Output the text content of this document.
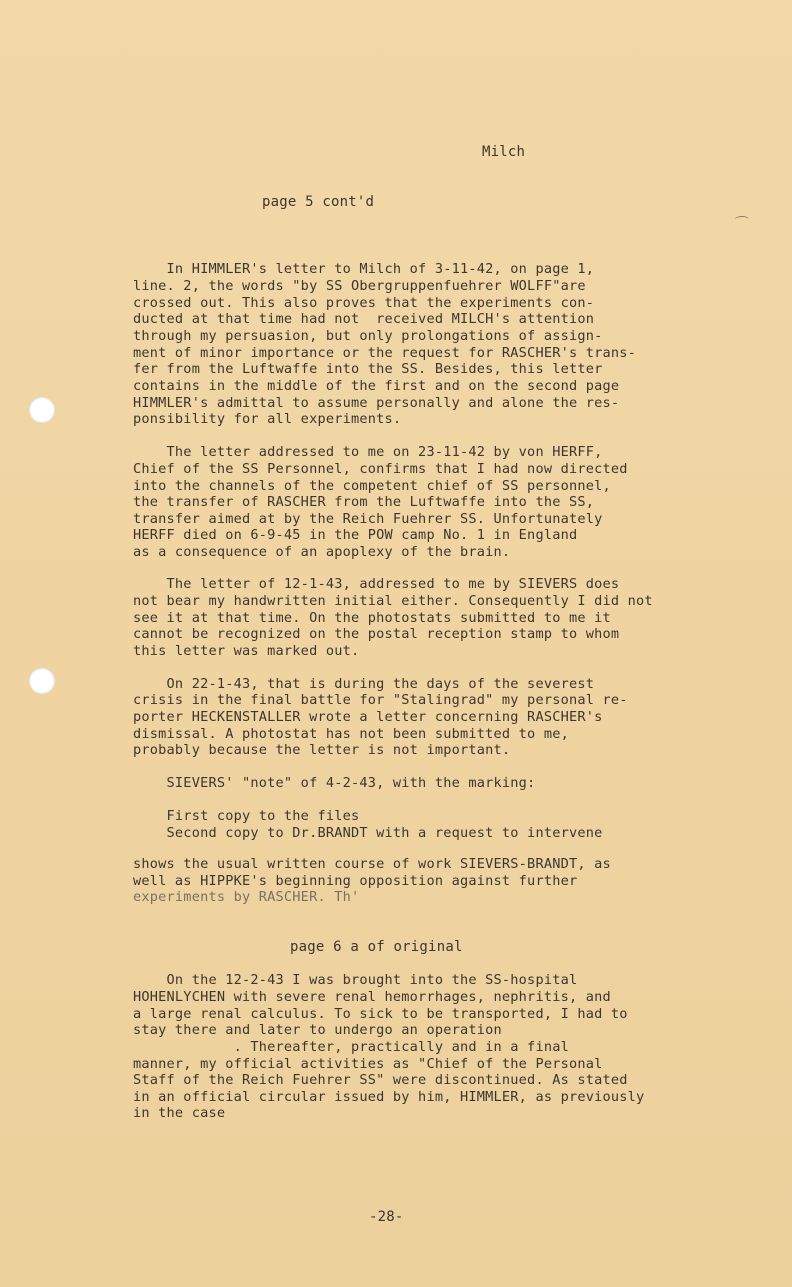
Milch
page 5 cont'd
In HIMMLER's letter to Milch of 3-11-42, on page 1,
line. 2, the words "by SS Obergruppenfuehrer WOLFF"are
crossed out. This also proves that the experiments con-
ducted at that time had not  received MILCH's attention
through my persuasion, but only prolongations of assign-
ment of minor importance or the request for RASCHER's trans-
fer from the Luftwaffe into the SS. Besides, this letter
contains in the middle of the first and on the second page
HIMMLER's admittal to assume personally and alone the res-
ponsibility for all experiments.
The letter addressed to me on 23-11-42 by von HERFF,
Chief of the SS Personnel, confirms that I had now directed
into the channels of the competent chief of SS personnel,
the transfer of RASCHER from the Luftwaffe into the SS,
transfer aimed at by the Reich Fuehrer SS. Unfortunately
HERFF died on 6-9-45 in the POW camp No. 1 in England
as a consequence of an apoplexy of the brain.
The letter of 12-1-43, addressed to me by SIEVERS does
not bear my handwritten initial either. Consequently I did not
see it at that time. On the photostats submitted to me it
cannot be recognized on the postal reception stamp to whom
this letter was marked out.
On 22-1-43, that is during the days of the severest
crisis in the final battle for "Stalingrad" my personal re-
porter HECKENSTALLER wrote a letter concerning RASCHER's
dismissal. A photostat has not been submitted to me,
probably because the letter is not important.
SIEVERS' "note" of 4-2-43, with the marking:
First copy to the files
Second copy to Dr.BRANDT with a request to intervene
shows the usual written course of work SIEVERS-BRANDT, as
well as HIPPKE's beginning opposition against further
experiments by RASCHER. Th'
page 6 a of original
On the 12-2-43 I was brought into the SS-hospital
HOHENLYCHEN with severe renal hemorrhages, nephritis, and
a large renal calculus. To sick to be transported, I had to
stay there and later to undergo an operation
. Thereafter, practically and in a final
manner, my official activities as "Chief of the Personal
Staff of the Reich Fuehrer SS" were discontinued. As stated
in an official circular issued by him, HIMMLER, as previously
in the case
-28-
